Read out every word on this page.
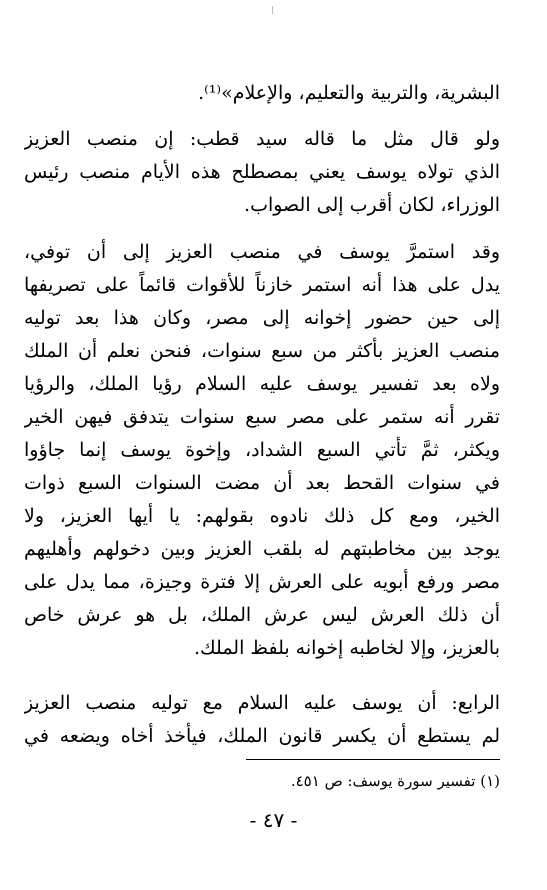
البشرية، والتربية والتعليم، والإعلام»⁽¹⁾.
ولو قال مثل ما قاله سيد قطب: إن منصب العزيز
الذي تولاه يوسف يعني بمصطلح هذه الأيام منصب رئيس
الوزراء، لكان أقرب إلى الصواب.
وقد استمرَّ يوسف في منصب العزيز إلى أن توفي،
يدل على هذا أنه استمر خازناً للأقوات قائماً على تصريفها
إلى حين حضور إخوانه إلى مصر، وكان هذا بعد توليه
منصب العزيز بأكثر من سبع سنوات، فنحن نعلم أن الملك
ولاه بعد تفسير يوسف عليه السلام رؤيا الملك، والرؤيا
تقرر أنه ستمر على مصر سبع سنوات يتدفق فيهن الخير
ويكثر، ثمَّ تأتي السبع الشداد، وإخوة يوسف إنما جاؤوا
في سنوات القحط بعد أن مضت السنوات السبع ذوات
الخير، ومع كل ذلك نادوه بقولهم: يا أيها العزيز، ولا
يوجد بين مخاطبتهم له بلقب العزيز وبين دخولهم وأهليهم
مصر ورفع أبويه على العرش إلا فترة وجيزة، مما يدل على
أن ذلك العرش ليس عرش الملك، بل هو عرش خاص
بالعزيز، وإلا لخاطبه إخوانه بلفظ الملك.
الرابع: أن يوسف عليه السلام مع توليه منصب العزيز
لم يستطع أن يكسر قانون الملك، فيأخذ أخاه ويضعه في
(١) تفسير سورة يوسف: ص ٤٥١.
- ٤٧ -
